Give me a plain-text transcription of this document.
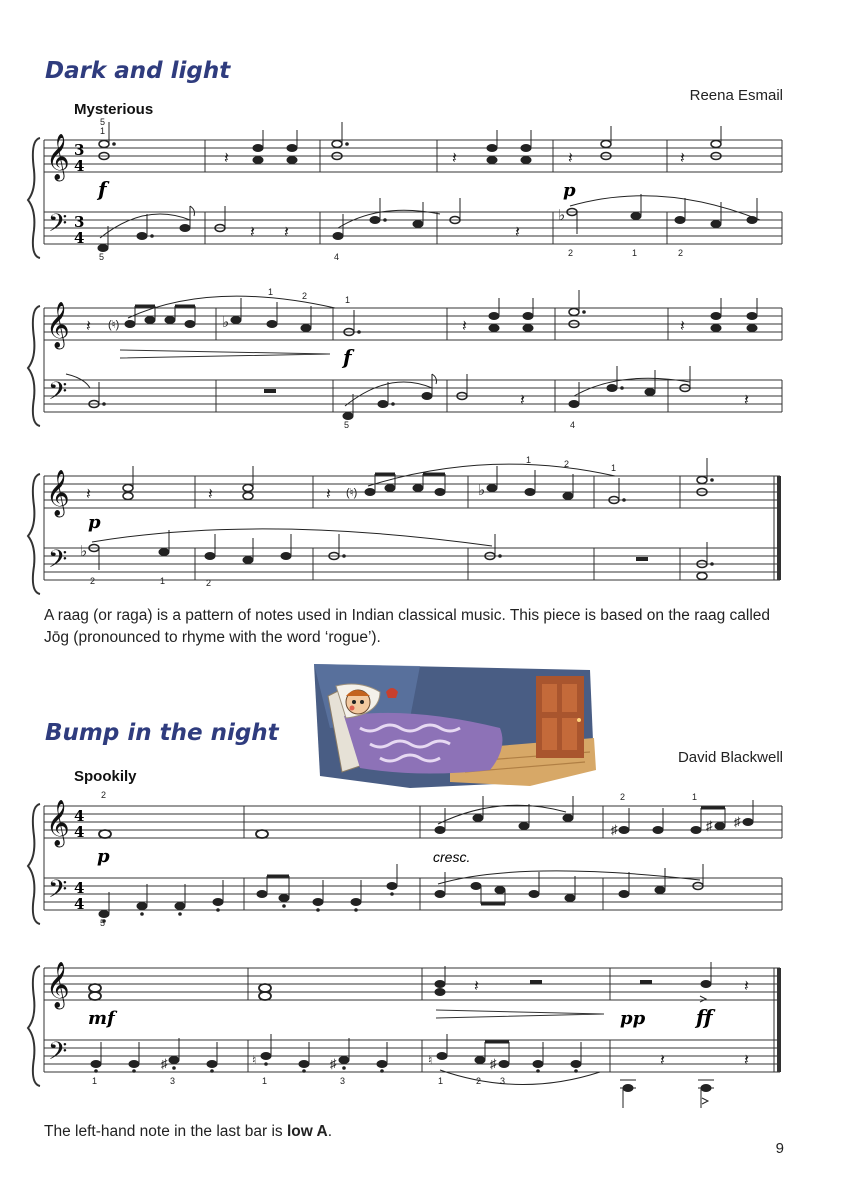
Dark and light
Reena Esmail
Mysterious
𝄞
𝄢
3
4
3
4
5
1
𝄽	𝄽	𝄽	𝄽
5
𝄽 𝄽
4
𝄽
♭
2	1	2
f	p
𝄞
𝄢
𝄽 (♮)	♭
1	2	1
𝄽	𝄽
5
𝄽
4
𝄽
f
𝄞
𝄢
𝄽	𝄽	𝄽 (♮)	♭
1	2	1
♭
2	1	2
p
A raag (or raga) is a pattern of notes used in Indian classical music. This piece is based on the raag called
Jōg (pronounced to rhyme with the word ‘rogue’).
Bump in the night
David Blackwell
Spookily
𝄞
𝄢
4
4
4
4
2
♯
2	1
♯ ♯
5
p	cresc.
𝄞
𝄢
𝄽	𝄽
1
♯
3
♮
1
♯
3
♮
1	2
♯
3
𝄽	𝄽
mf	pp	ff
The left-hand note in the last bar is low A.
9
